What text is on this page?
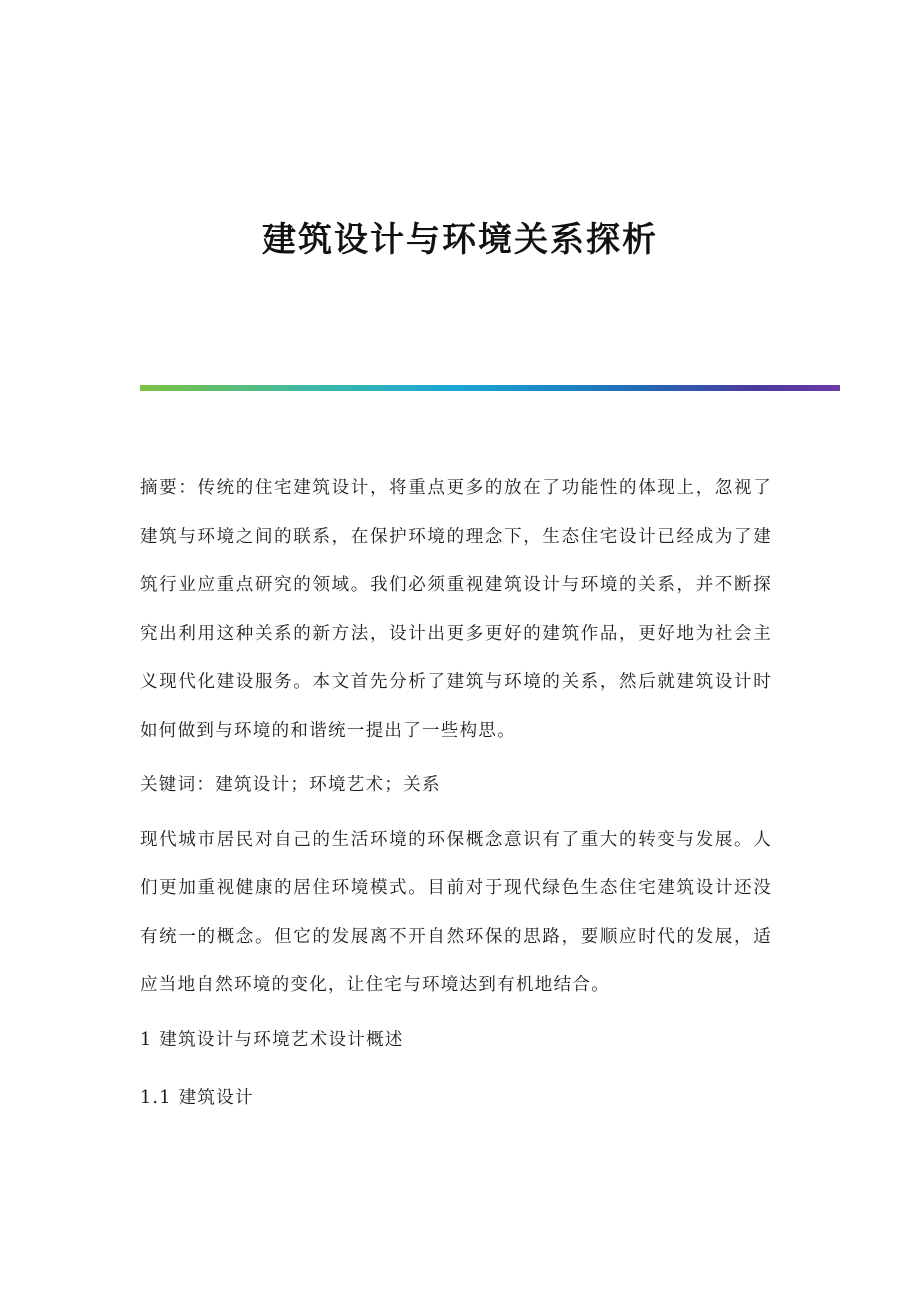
建筑设计与环境关系探析

摘要：传统的住宅建筑设计，将重点更多的放在了功能性的体现上，忽视了建筑与环境之间的联系，在保护环境的理念下，生态住宅设计已经成为了建筑行业应重点研究的领域。我们必须重视建筑设计与环境的关系，并不断探究出利用这种关系的新方法，设计出更多更好的建筑作品，更好地为社会主义现代化建设服务。本文首先分析了建筑与环境的关系，然后就建筑设计时如何做到与环境的和谐统一提出了一些构思。

关键词：建筑设计；环境艺术；关系

现代城市居民对自己的生活环境的环保概念意识有了重大的转变与发展。人们更加重视健康的居住环境模式。目前对于现代绿色生态住宅建筑设计还没有统一的概念。但它的发展离不开自然环保的思路，要顺应时代的发展，适应当地自然环境的变化，让住宅与环境达到有机地结合。

1 建筑设计与环境艺术设计概述

1.1 建筑设计
